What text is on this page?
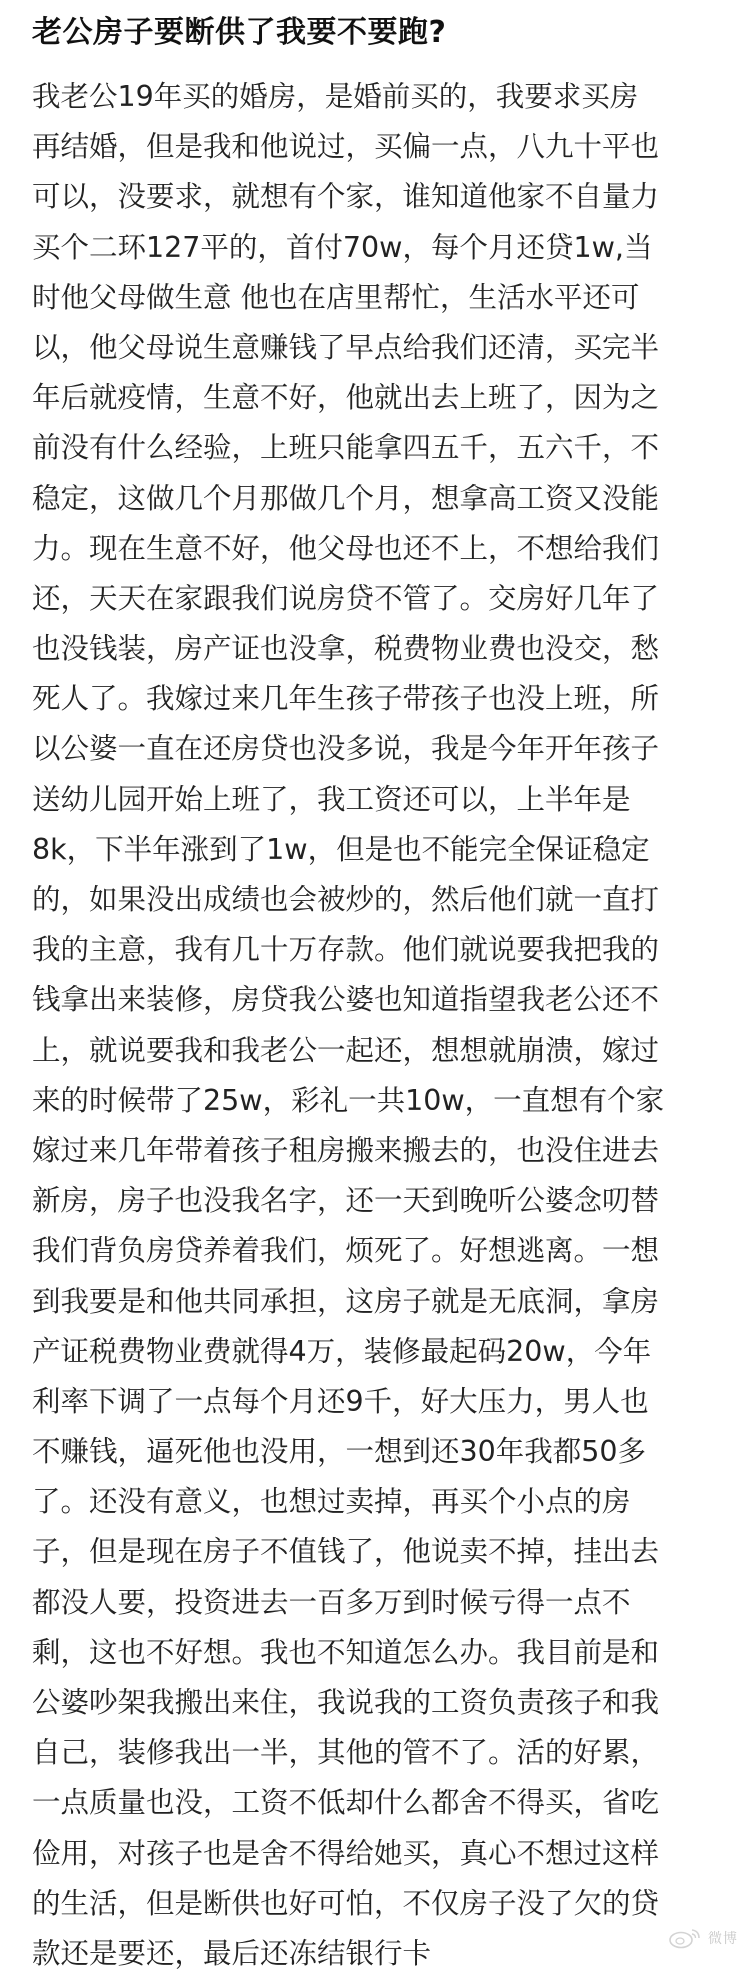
老公房子要断供了我要不要跑?
我老公19年买的婚房，是婚前买的，我要求买房
再结婚，但是我和他说过，买偏一点，八九十平也
可以，没要求，就想有个家，谁知道他家不自量力
买个二环127平的，首付70w，每个月还贷1w,当
时他父母做生意 他也在店里帮忙，生活水平还可
以，他父母说生意赚钱了早点给我们还清，买完半
年后就疫情，生意不好，他就出去上班了，因为之
前没有什么经验，上班只能拿四五千，五六千，不
稳定，这做几个月那做几个月，想拿高工资又没能
力。现在生意不好，他父母也还不上，不想给我们
还，天天在家跟我们说房贷不管了。交房好几年了
也没钱装，房产证也没拿，税费物业费也没交，愁
死人了。我嫁过来几年生孩子带孩子也没上班，所
以公婆一直在还房贷也没多说，我是今年开年孩子
送幼儿园开始上班了，我工资还可以，上半年是
8k，下半年涨到了1w，但是也不能完全保证稳定
的，如果没出成绩也会被炒的，然后他们就一直打
我的主意，我有几十万存款。他们就说要我把我的
钱拿出来装修，房贷我公婆也知道指望我老公还不
上，就说要我和我老公一起还，想想就崩溃，嫁过
来的时候带了25w，彩礼一共10w，一直想有个家
嫁过来几年带着孩子租房搬来搬去的，也没住进去
新房，房子也没我名字，还一天到晚听公婆念叨替
我们背负房贷养着我们，烦死了。好想逃离。一想
到我要是和他共同承担，这房子就是无底洞，拿房
产证税费物业费就得4万，装修最起码20w，今年
利率下调了一点每个月还9千，好大压力，男人也
不赚钱，逼死他也没用，一想到还30年我都50多
了。还没有意义，也想过卖掉，再买个小点的房
子，但是现在房子不值钱了，他说卖不掉，挂出去
都没人要，投资进去一百多万到时候亏得一点不
剩，这也不好想。我也不知道怎么办。我目前是和
公婆吵架我搬出来住，我说我的工资负责孩子和我
自己，装修我出一半，其他的管不了。活的好累，
一点质量也没，工资不低却什么都舍不得买，省吃
俭用，对孩子也是舍不得给她买，真心不想过这样
的生活，但是断供也好可怕，不仅房子没了欠的贷
款还是要还，最后还冻结银行卡	微博
